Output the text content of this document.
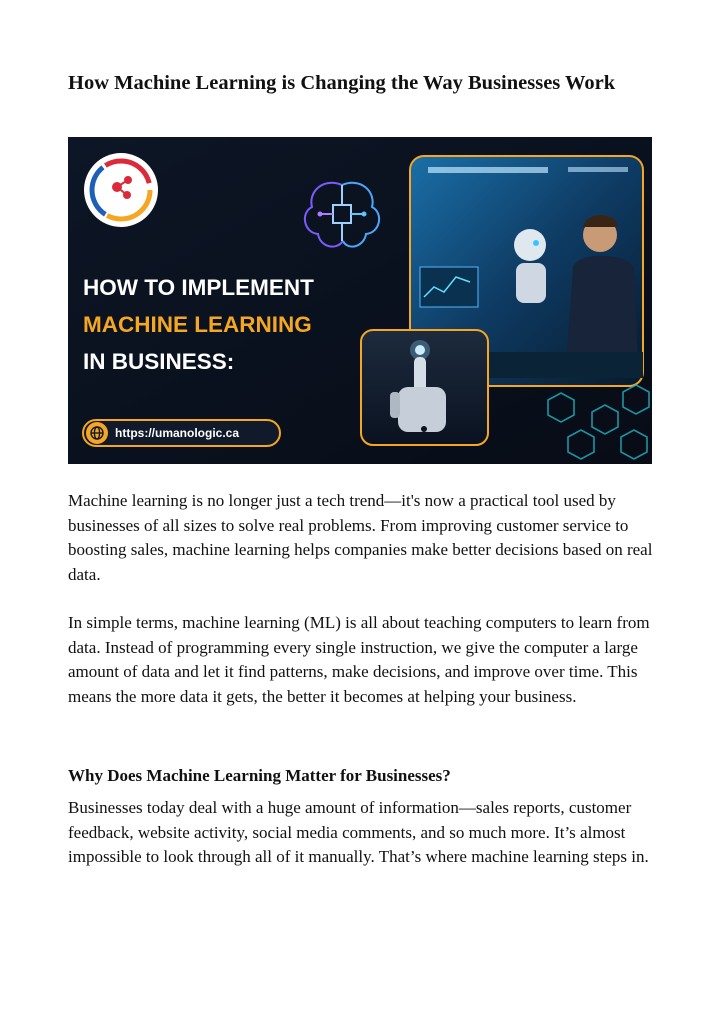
How Machine Learning is Changing the Way Businesses Work
HOW TO IMPLEMENT
MACHINE LEARNING
IN BUSINESS:
https://umanologic.ca

Machine learning is no longer just a tech trend—it's now a practical tool used by businesses of all sizes to solve real problems. From improving customer service to boosting sales, machine learning helps companies make better decisions based on real data.

In simple terms, machine learning (ML) is all about teaching computers to learn from data. Instead of programming every single instruction, we give the computer a large amount of data and let it find patterns, make decisions, and improve over time. This means the more data it gets, the better it becomes at helping your business.

Why Does Machine Learning Matter for Businesses?

Businesses today deal with a huge amount of information—sales reports, customer feedback, website activity, social media comments, and so much more. It’s almost impossible to look through all of it manually. That’s where machine learning steps in.
